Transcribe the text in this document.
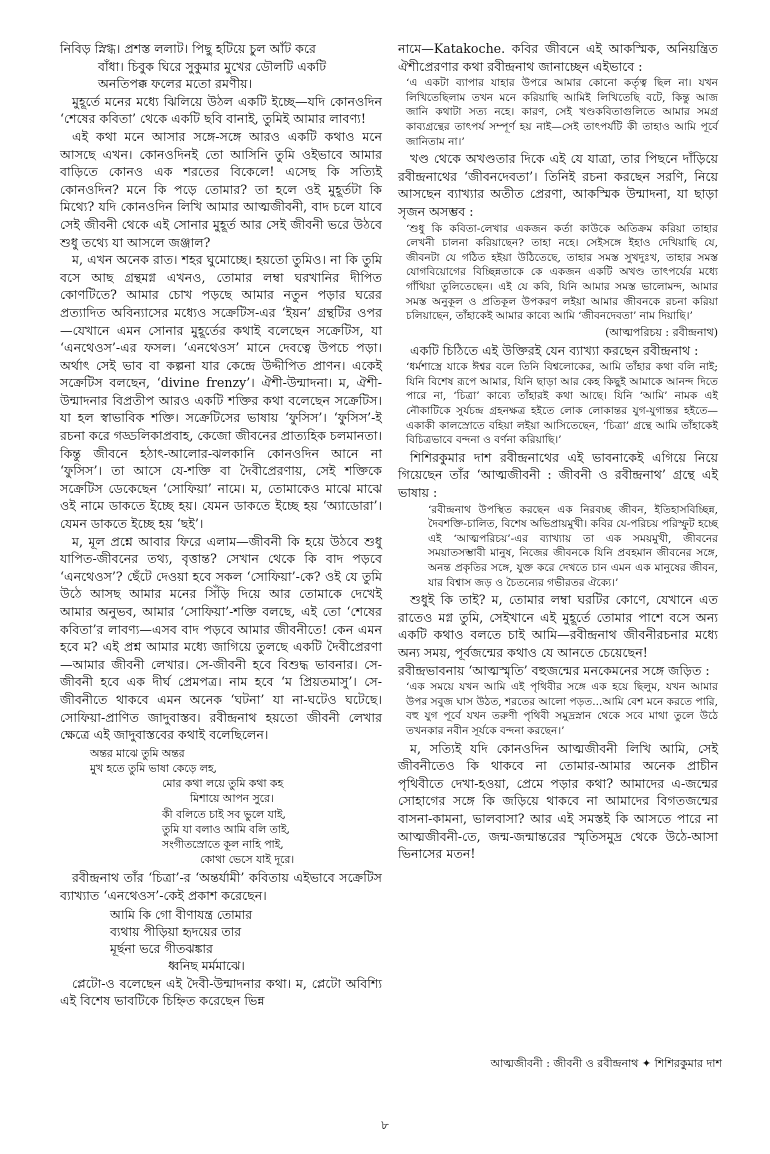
নিবিড় স্নিগ্ধ। প্রশস্ত ললাট। পিছু হটিয়ে চুল আঁট করে
বাঁধা। চিবুক ঘিরে সুকুমার মুখের ডৌলটি একটি
অনতিপক্ক ফলের মতো রমণীয়।

মুহূর্তে মনের মধ্যে ঝিলিয়ে উঠল একটি ইচ্ছে—যদি কোনওদিন ‘শেষের কবিতা’ থেকে একটি ছবি বানাই, তুমিই আমার লাবণ্য!

এই কথা মনে আসার সঙ্গে-সঙ্গে আরও একটি কথাও মনে আসছে এখন। কোনওদিনই তো আসিনি তুমি ওইভাবে আমার বাড়িতে কোনও এক শরতের বিকেলে! এসেছ কি সত্যিই কোনওদিন? মনে কি পড়ে তোমার? তা হলে ওই মুহূর্তটা কি মিথ্যে? যদি কোনওদিন লিখি আমার আত্মজীবনী, বাদ চলে যাবে সেই জীবনী থেকে এই সোনার মুহূর্ত আর সেই জীবনী ভরে উঠবে শুধু তথ্যে যা আসলে জঞ্জাল?

ম, এখন অনেক রাত। শহর ঘুমোচ্ছে। হয়তো তুমিও। না কি তুমি বসে আছ গ্রন্থমগ্ন এখনও, তোমার লম্বা ঘরখানির দীপিত কোণটিতে? আমার চোখ পড়ছে আমার নতুন পড়ার ঘরের প্রত্যাদিত অবিন্যাসের মধ্যেও সক্রেটিস-এর ‘ইয়ন’ গ্রন্থটির ওপর—যেখানে এমন সোনার মুহূর্তের কথাই বলেছেন সক্রেটিস, যা ‘এনথেওস’-এর ফসল। ‘এনথেওস’ মানে দেবত্বে উপচে পড়া। অর্থাৎ সেই ভাব বা কল্পনা যার কেন্দ্রে উদ্দীপিত প্রাণন। একেই সক্রেটিস বলছেন, ‘divine frenzy’। ঐশী-উন্মাদনা। ম, ঐশী-উন্মাদনার বিপ্রতীপ আরও একটি শক্তির কথা বলেছেন সক্রেটিস। যা হল স্বাভাবিক শক্তি। সক্রেটিসের ভাষায় ‘ফুসিস’। ‘ফুসিস’-ই রচনা করে গড্ডলিকাপ্রবাহ, কেজো জীবনের প্রাত্যহিক চলমানতা। কিন্তু জীবনে হঠাৎ-আলোর-ঝলকানি কোনওদিন আনে না ‘ফুসিস’। তা আসে যে-শক্তি বা দৈবীপ্রেরণায়, সেই শক্তিকে সক্রেটিস ডেকেছেন ‘সোফিয়া’ নামে। ম, তোমাকেও মাঝে মাঝে ওই নামে ডাকতে ইচ্ছে হয়। যেমন ডাকতে ইচ্ছে হয় ‘অ্যাডোরা’। যেমন ডাকতে ইচ্ছে হয় ‘ছই’।

ম, মূল প্রশ্নে আবার ফিরে এলাম—জীবনী কি হয়ে উঠবে শুধু যাপিত-জীবনের তথ্য, বৃত্তান্ত? সেখান থেকে কি বাদ পড়বে ‘এনথেওস’? ছেঁটে দেওয়া হবে সকল ‘সোফিয়া’-কে? ওই যে তুমি উঠে আসছ আমার মনের সিঁড়ি দিয়ে আর তোমাকে দেখেই আমার অনুভব, আমার ‘সোফিয়া’-শক্তি বলছে, এই তো ‘শেষের কবিতা’র লাবণ্য—এসব বাদ পড়বে আমার জীবনীতে! কেন এমন হবে ম? এই প্রশ্ন আমার মধ্যে জাগিয়ে তুলছে একটি দৈবীপ্রেরণা—আমার জীবনী লেখার। সে-জীবনী হবে বিশুদ্ধ ভাবনার। সে-জীবনী হবে এক দীর্ঘ প্রেমপত্র। নাম হবে ‘ম প্রিয়তমাসু’। সে-জীবনীতে থাকবে এমন অনেক ‘ঘটনা’ যা না-ঘটেও ঘটেছে। সোফিয়া-প্রাণিত জাদুবাস্তব। রবীন্দ্রনাথ হয়তো জীবনী লেখার ক্ষেত্রে এই জাদুবাস্তবের কথাই বলেছিলেন।

অন্তর মাঝে তুমি অন্তর
মুখ হতে তুমি ভাষা কেড়ে লহ,
মোর কথা লয়ে তুমি কথা কহ
মিশায়ে আপন সুরে।
কী বলিতে চাই সব ভুলে যাই,
তুমি যা বলাও আমি বলি তাই,
সংগীতস্রোতে কূল নাহি পাই,
কোথা ভেসে যাই দূরে।

রবীন্দ্রনাথ তাঁর ‘চিত্রা’-র ‘অন্তর্যামী’ কবিতায় এইভাবে সক্রেটিস ব্যাখ্যাত ‘এনথেওস’-কেই প্রকাশ করেছেন।

আমি কি গো বীণাযন্ত্র তোমার
ব্যথায় পীড়িয়া হৃদয়ের তার
মূর্ছনা ভরে গীতঝঙ্কার
ধ্বনিছ মর্মমাঝে।

প্লেটো-ও বলেছেন এই দৈবী-উন্মাদনার কথা। ম, প্লেটো অবিশ্যি এই বিশেষ ভাবটিকে চিহ্নিত করেছেন ভিন্ন

নামে—Katakoche. কবির জীবনে এই আকস্মিক, অনিয়ন্ত্রিত ঐশীপ্রেরণার কথা রবীন্দ্রনাথ জানাচ্ছেন এইভাবে :

‘এ একটা ব্যাপার যাহার উপরে আমার কোনো কর্তৃত্ব ছিল না। যখন লিখিতেছিলাম তখন মনে করিয়াছি আমিই লিখিতেছি বটে, কিন্তু আজ জানি কথাটা সত্য নহে। কারণ, সেই খণ্ডকবিতাগুলিতে আমার সমগ্র কাব্যগ্রন্থের তাৎপর্য সম্পূর্ণ হয় নাই—সেই তাৎপর্যটি কী তাহাও আমি পূর্বে জানিতাম না।’

খণ্ড থেকে অখণ্ডতার দিকে এই যে যাত্রা, তার পিছনে দাঁড়িয়ে রবীন্দ্রনাথের ‘জীবনদেবতা’। তিনিই রচনা করছেন সরণি, নিয়ে আসছেন ব্যাখ্যার অতীত প্রেরণা, আকস্মিক উন্মাদনা, যা ছাড়া সৃজন অসম্ভব :

‘শুধু কি কবিতা-লেখার একজন কর্তা কাউকে অতিক্রম করিয়া তাহার লেখনী চালনা করিয়াছেন? তাহা নহে। সেইসঙ্গে ইহাও দেখিয়াছি যে, জীবনটা যে গঠিত হইয়া উঠিতেছে, তাহার সমস্ত সুখদুঃখ, তাহার সমস্ত যোগবিয়োগের বিচ্ছিন্নতাকে কে একজন একটি অখণ্ড তাৎপর্যের মধ্যে গাঁথিয়া তুলিতেছেন। এই যে কবি, যিনি আমার সমস্ত ভালোমন্দ, আমার সমস্ত অনুকূল ও প্রতিকূল উপকরণ লইয়া আমার জীবনকে রচনা করিয়া চলিয়াছেন, তাঁহাকেই আমার কাব্যে আমি ‘জীবনদেবতা’ নাম দিয়াছি।’

(আত্মপরিচয় : রবীন্দ্রনাথ)

একটি চিঠিতে এই উক্তিরই যেন ব্যাখ্যা করছেন রবীন্দ্রনাথ :

‘ধর্মশাস্ত্রে যাকে ঈশ্বর বলে তিনি বিশ্বলোকের, আমি তাঁহার কথা বলি নাই; যিনি বিশেষ রূপে আমার, যিনি ছাড়া আর কেহ কিছুই আমাকে আনন্দ দিতে পারে না, ‘চিত্রা’ কাব্যে তাঁহারই কথা আছে। যিনি ‘আমি’ নামক এই নৌকাটিকে সুর্যচন্দ্র গ্রহনক্ষত্র হইতে লোক লোকান্তর যুগ-যুগান্তর হইতে—একাকী কালস্রোতে বহিয়া লইয়া আসিতেছেন, ‘চিত্রা’ গ্রন্থে আমি তাঁহাকেই বিচিত্রভাবে বন্দনা ও বর্ণনা করিয়াছি।’

শিশিরকুমার দাশ রবীন্দ্রনাথের এই ভাবনাকেই এগিয়ে নিয়ে গিয়েছেন তাঁর ‘আত্মজীবনী : জীবনী ও রবীন্দ্রনাথ’ গ্রন্থে এই ভাষায় :

‘রবীন্দ্রনাথ উপস্থিত করছেন এক নিরবচ্ছ জীবন, ইতিহাসবিচ্ছিন্ন, দৈবশক্তি-চালিত, বিশেষ অভিপ্রায়মুখী। কবির যে-পরিচয় পরিস্ফুট হচ্ছে এই ‘আত্মপরিচয়’-এর ব্যাখ্যায় তা এক সময়মুখী, জীবনের সময়াতসম্ভাবী মানুষ, নিজের জীবনকে যিনি প্রবহমান জীবনের সঙ্গে, অনন্ত প্রকৃতির সঙ্গে, যুক্ত করে দেখতে চান এমন এক মানুষের জীবন, যার বিশ্বাস জড় ও চৈতন্যের গভীরতর ঐক্যে।’

শুধুই কি তাই? ম, তোমার লম্বা ঘরটির কোণে, যেখানে এত রাতেও মগ্ন তুমি, সেইখানে এই মুহূর্তে তোমার পাশে বসে অন্য একটি কথাও বলতে চাই আমি—রবীন্দ্রনাথ জীবনীরচনার মধ্যে অন্য সময়, পূর্বজন্মের কথাও যে আনতে চেয়েছেন!

রবীন্দ্রভাবনায় ‘আত্মস্মৃতি’ বহুজন্মের মনকেমনের সঙ্গে জড়িত :

‘এক সময়ে যখন আমি এই পৃথিবীর সঙ্গে এক হয়ে ছিলুম, যখন আমার উপর সবুজ ঘাস উঠত, শরতের আলো পড়ত...আমি বেশ মনে করতে পারি, বহু যুগ পূর্বে যখন তরুণী পৃথিবী সমুদ্রস্নান থেকে সবে মাথা তুলে উঠে তখনকার নবীন সূর্যকে বন্দনা করছেন।’

ম, সত্যিই যদি কোনওদিন আত্মজীবনী লিখি আমি, সেই জীবনীতেও কি থাকবে না তোমার-আমার অনেক প্রাচীন পৃথিবীতে দেখা-হওয়া, প্রেমে পড়ার কথা? আমাদের এ-জন্মের সোহাগের সঙ্গে কি জড়িয়ে থাকবে না আমাদের বিগতজন্মের বাসনা-কামনা, ভালবাসা? আর এই সমস্তই কি আসতে পারে না আত্মজীবনী-তে, জন্ম-জন্মান্তরের স্মৃতিসমুদ্র থেকে উঠে-আসা ভিনাসের মতন!

আত্মজীবনী : জীবনী ও রবীন্দ্রনাথ ✦ শিশিরকুমার দাশ
৮
